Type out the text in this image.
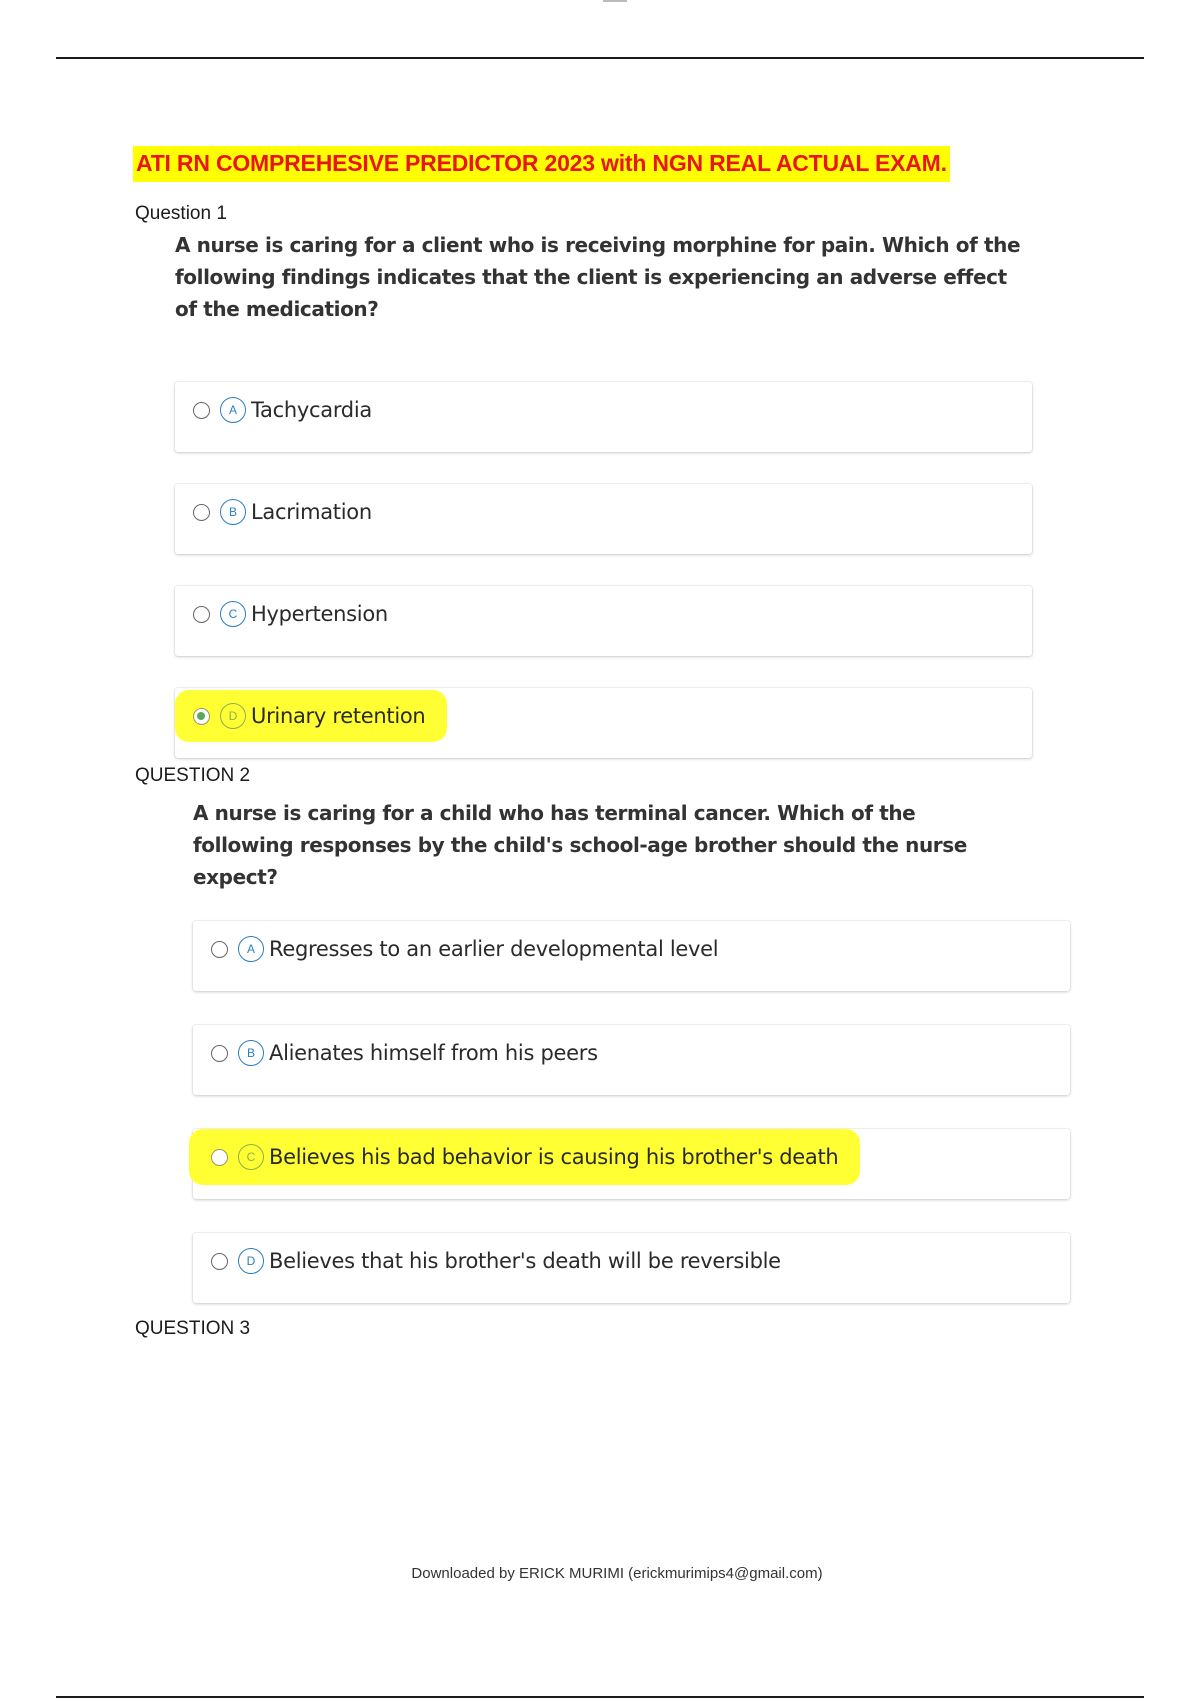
ATI RN COMPREHESIVE PREDICTOR 2023 with NGN REAL ACTUAL EXAM.
Question 1
A nurse is caring for a client who is receiving morphine for pain. Which of the following findings indicates that the client is experiencing an adverse effect of the medication?
A Tachycardia
B Lacrimation
C Hypertension
D Urinary retention
QUESTION 2
A nurse is caring for a child who has terminal cancer. Which of the following responses by the child's school-age brother should the nurse expect?
A Regresses to an earlier developmental level
B Alienates himself from his peers
C Believes his bad behavior is causing his brother's death
D Believes that his brother's death will be reversible
QUESTION 3
Downloaded by ERICK MURIMI (erickmurimips4@gmail.com)
